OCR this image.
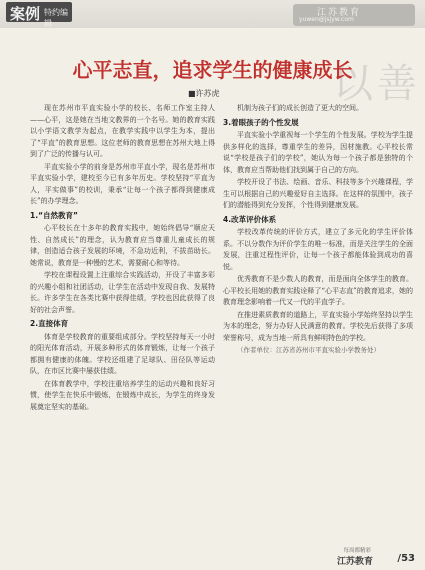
案例 特约编辑
江苏教育
yuwen@jsjyw.com
以善
心平志直，追求学生的健康成长
■许苏虎

现在苏州市平直实验小学的校长、名师工作室主持人——心平，这是她在当地文教界的一个名号。她的教育实践以小学语文教学为起点，在教学实践中以学生为本，提出了“平直”的教育思想。这位老师的教育思想在苏州大地上得到了广泛的传播与认可。

平直实验小学的前身是苏州市平直小学，现名是苏州市平直实验小学，建校至今已有多年历史。学校坚持“平直为人，平实做事”的校训，秉承“让每一个孩子都得到健康成长”的办学理念。

1.“自然教育”

心平校长在十多年的教育实践中，她始终倡导“顺应天性、自然成长”的理念，认为教育应当尊重儿童成长的规律，创造适合孩子发展的环境，不急功近利，不拔苗助长。她常说，教育是一种慢的艺术，需要耐心和等待。

学校在课程设置上注重综合实践活动，开设了丰富多彩的兴趣小组和社团活动，让学生在活动中发现自我、发展特长。许多学生在各类比赛中获得佳绩，学校也因此获得了良好的社会声誉。

2.直接体育

体育是学校教育的重要组成部分。学校坚持每天一小时的阳光体育活动，开展多种形式的体育锻炼，让每一个孩子都拥有健康的体魄。学校还组建了足球队、田径队等运动队，在市区比赛中屡获佳绩。

在体育教学中，学校注重培养学生的运动兴趣和良好习惯，使学生在快乐中锻炼，在锻炼中成长，为学生的终身发展奠定坚实的基础。

机制为孩子们的成长创造了更大的空间。

3.着眼孩子的个性发展

平直实验小学重视每一个学生的个性发展。学校为学生提供多样化的选择，尊重学生的差异，因材施教。心平校长常说“学校是孩子们的学校”，她认为每一个孩子都是独特的个体，教育应当帮助他们找到属于自己的方向。

学校开设了书法、绘画、音乐、科技等多个兴趣课程，学生可以根据自己的兴趣爱好自主选择。在这样的氛围中，孩子们的潜能得到充分发挥，个性得到健康发展。

4.改革评价体系

学校改革传统的评价方式，建立了多元化的学生评价体系。不以分数作为评价学生的唯一标准，而是关注学生的全面发展，注重过程性评价，让每一个孩子都能体验到成功的喜悦。

优秀教育不是少数人的教育，而是面向全体学生的教育。心平校长用她的教育实践诠释了“心平志直”的教育追求，她的教育理念影响着一代又一代的平直学子。

在推进素质教育的道路上，平直实验小学始终坚持以学生为本的理念，努力办好人民满意的教育。学校先后获得了多项荣誉称号，成为当地一所具有鲜明特色的学校。

（作者单位：江苏省苏州市平直实验小学教务处）

每周都精彩
江苏教育 /53
